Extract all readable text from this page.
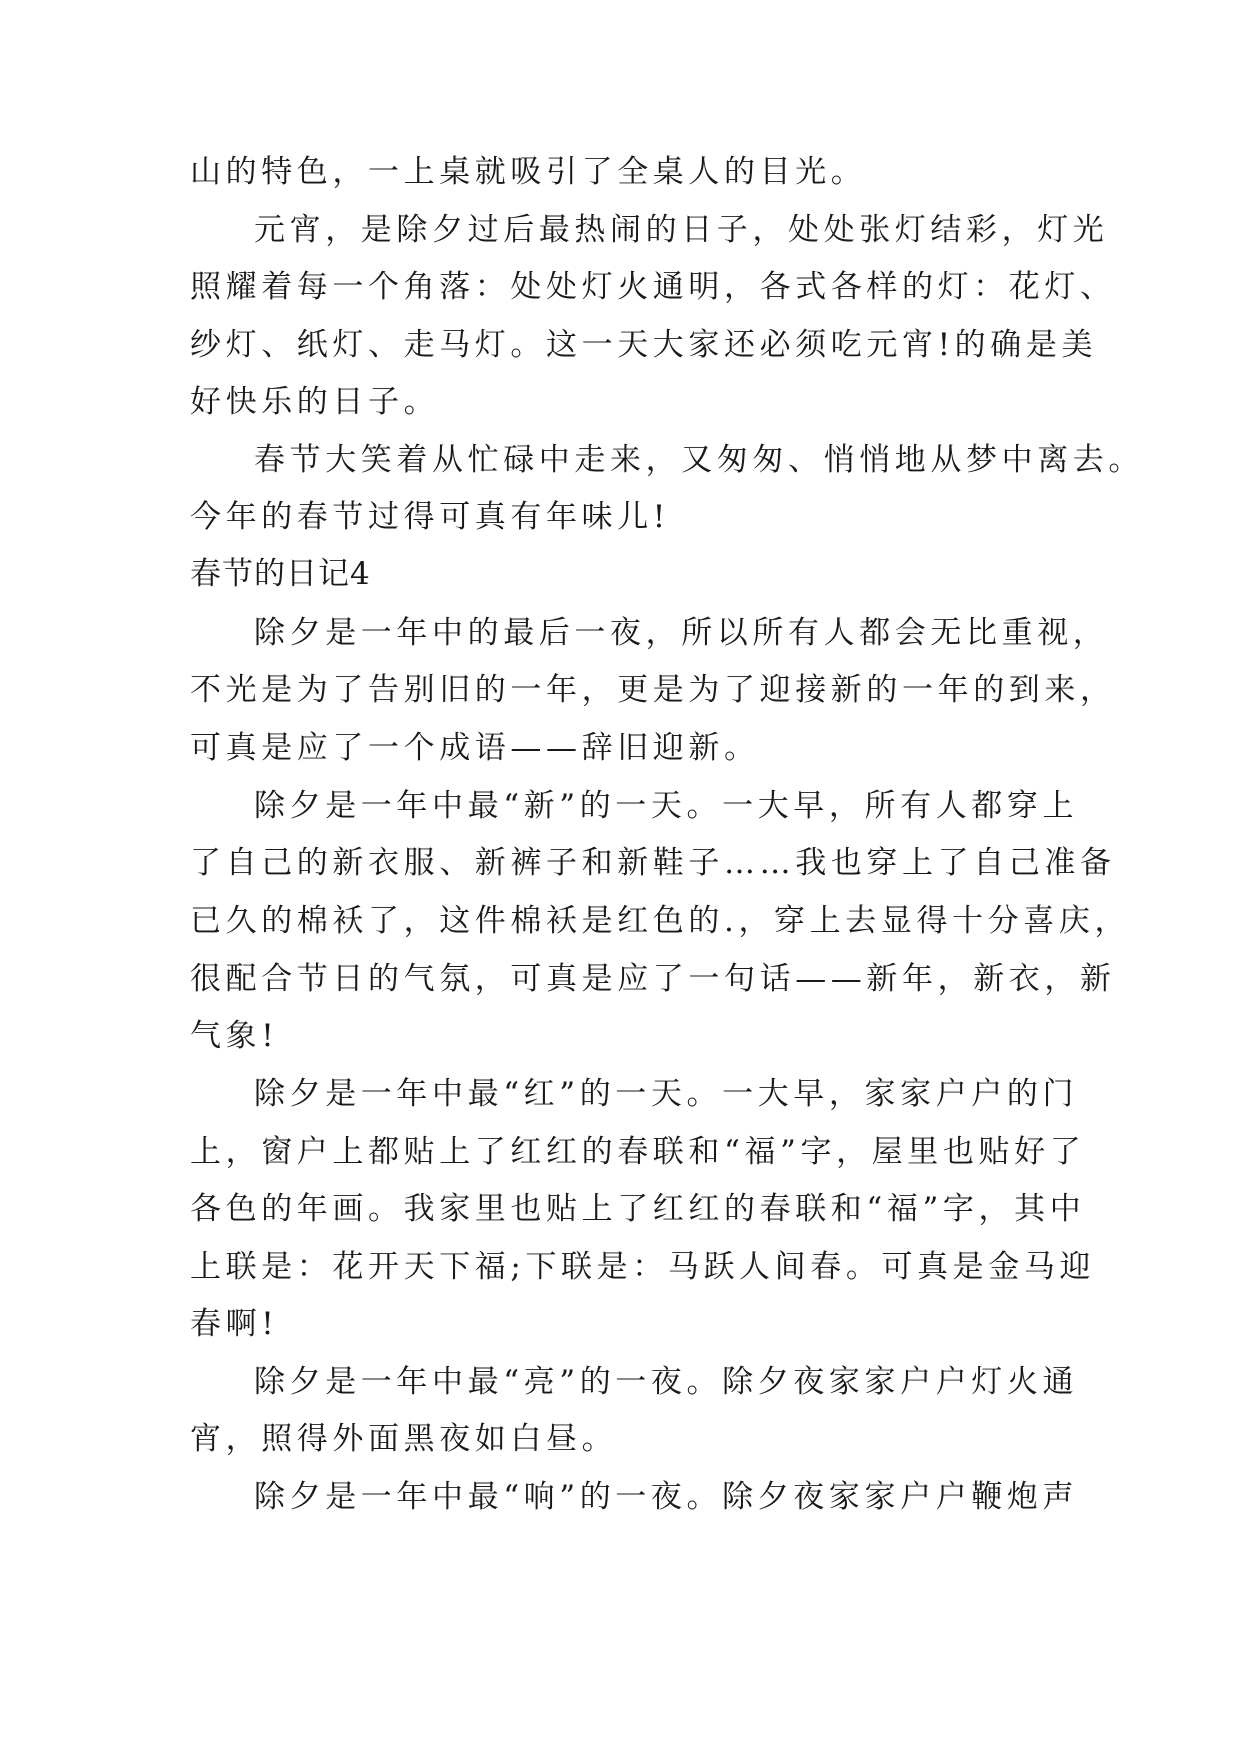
山的特色，一上桌就吸引了全桌人的目光。
元宵，是除夕过后最热闹的日子，处处张灯结彩，灯光
照耀着每一个角落：处处灯火通明，各式各样的灯：花灯、
纱灯、纸灯、走马灯。这一天大家还必须吃元宵!的确是美
好快乐的日子。
春节大笑着从忙碌中走来，又匆匆、悄悄地从梦中离去。
今年的春节过得可真有年味儿!
春节的日记4
除夕是一年中的最后一夜，所以所有人都会无比重视，
不光是为了告别旧的一年，更是为了迎接新的一年的到来，
可真是应了一个成语——辞旧迎新。
除夕是一年中最“新”的一天。一大早，所有人都穿上
了自己的新衣服、新裤子和新鞋子……我也穿上了自己准备
已久的棉袄了，这件棉袄是红色的.，穿上去显得十分喜庆，
很配合节日的气氛，可真是应了一句话——新年，新衣，新
气象!
除夕是一年中最“红”的一天。一大早，家家户户的门
上，窗户上都贴上了红红的春联和“福”字，屋里也贴好了
各色的年画。我家里也贴上了红红的春联和“福”字，其中
上联是：花开天下福;下联是：马跃人间春。可真是金马迎
春啊!
除夕是一年中最“亮”的一夜。除夕夜家家户户灯火通
宵，照得外面黑夜如白昼。
除夕是一年中最“响”的一夜。除夕夜家家户户鞭炮声
